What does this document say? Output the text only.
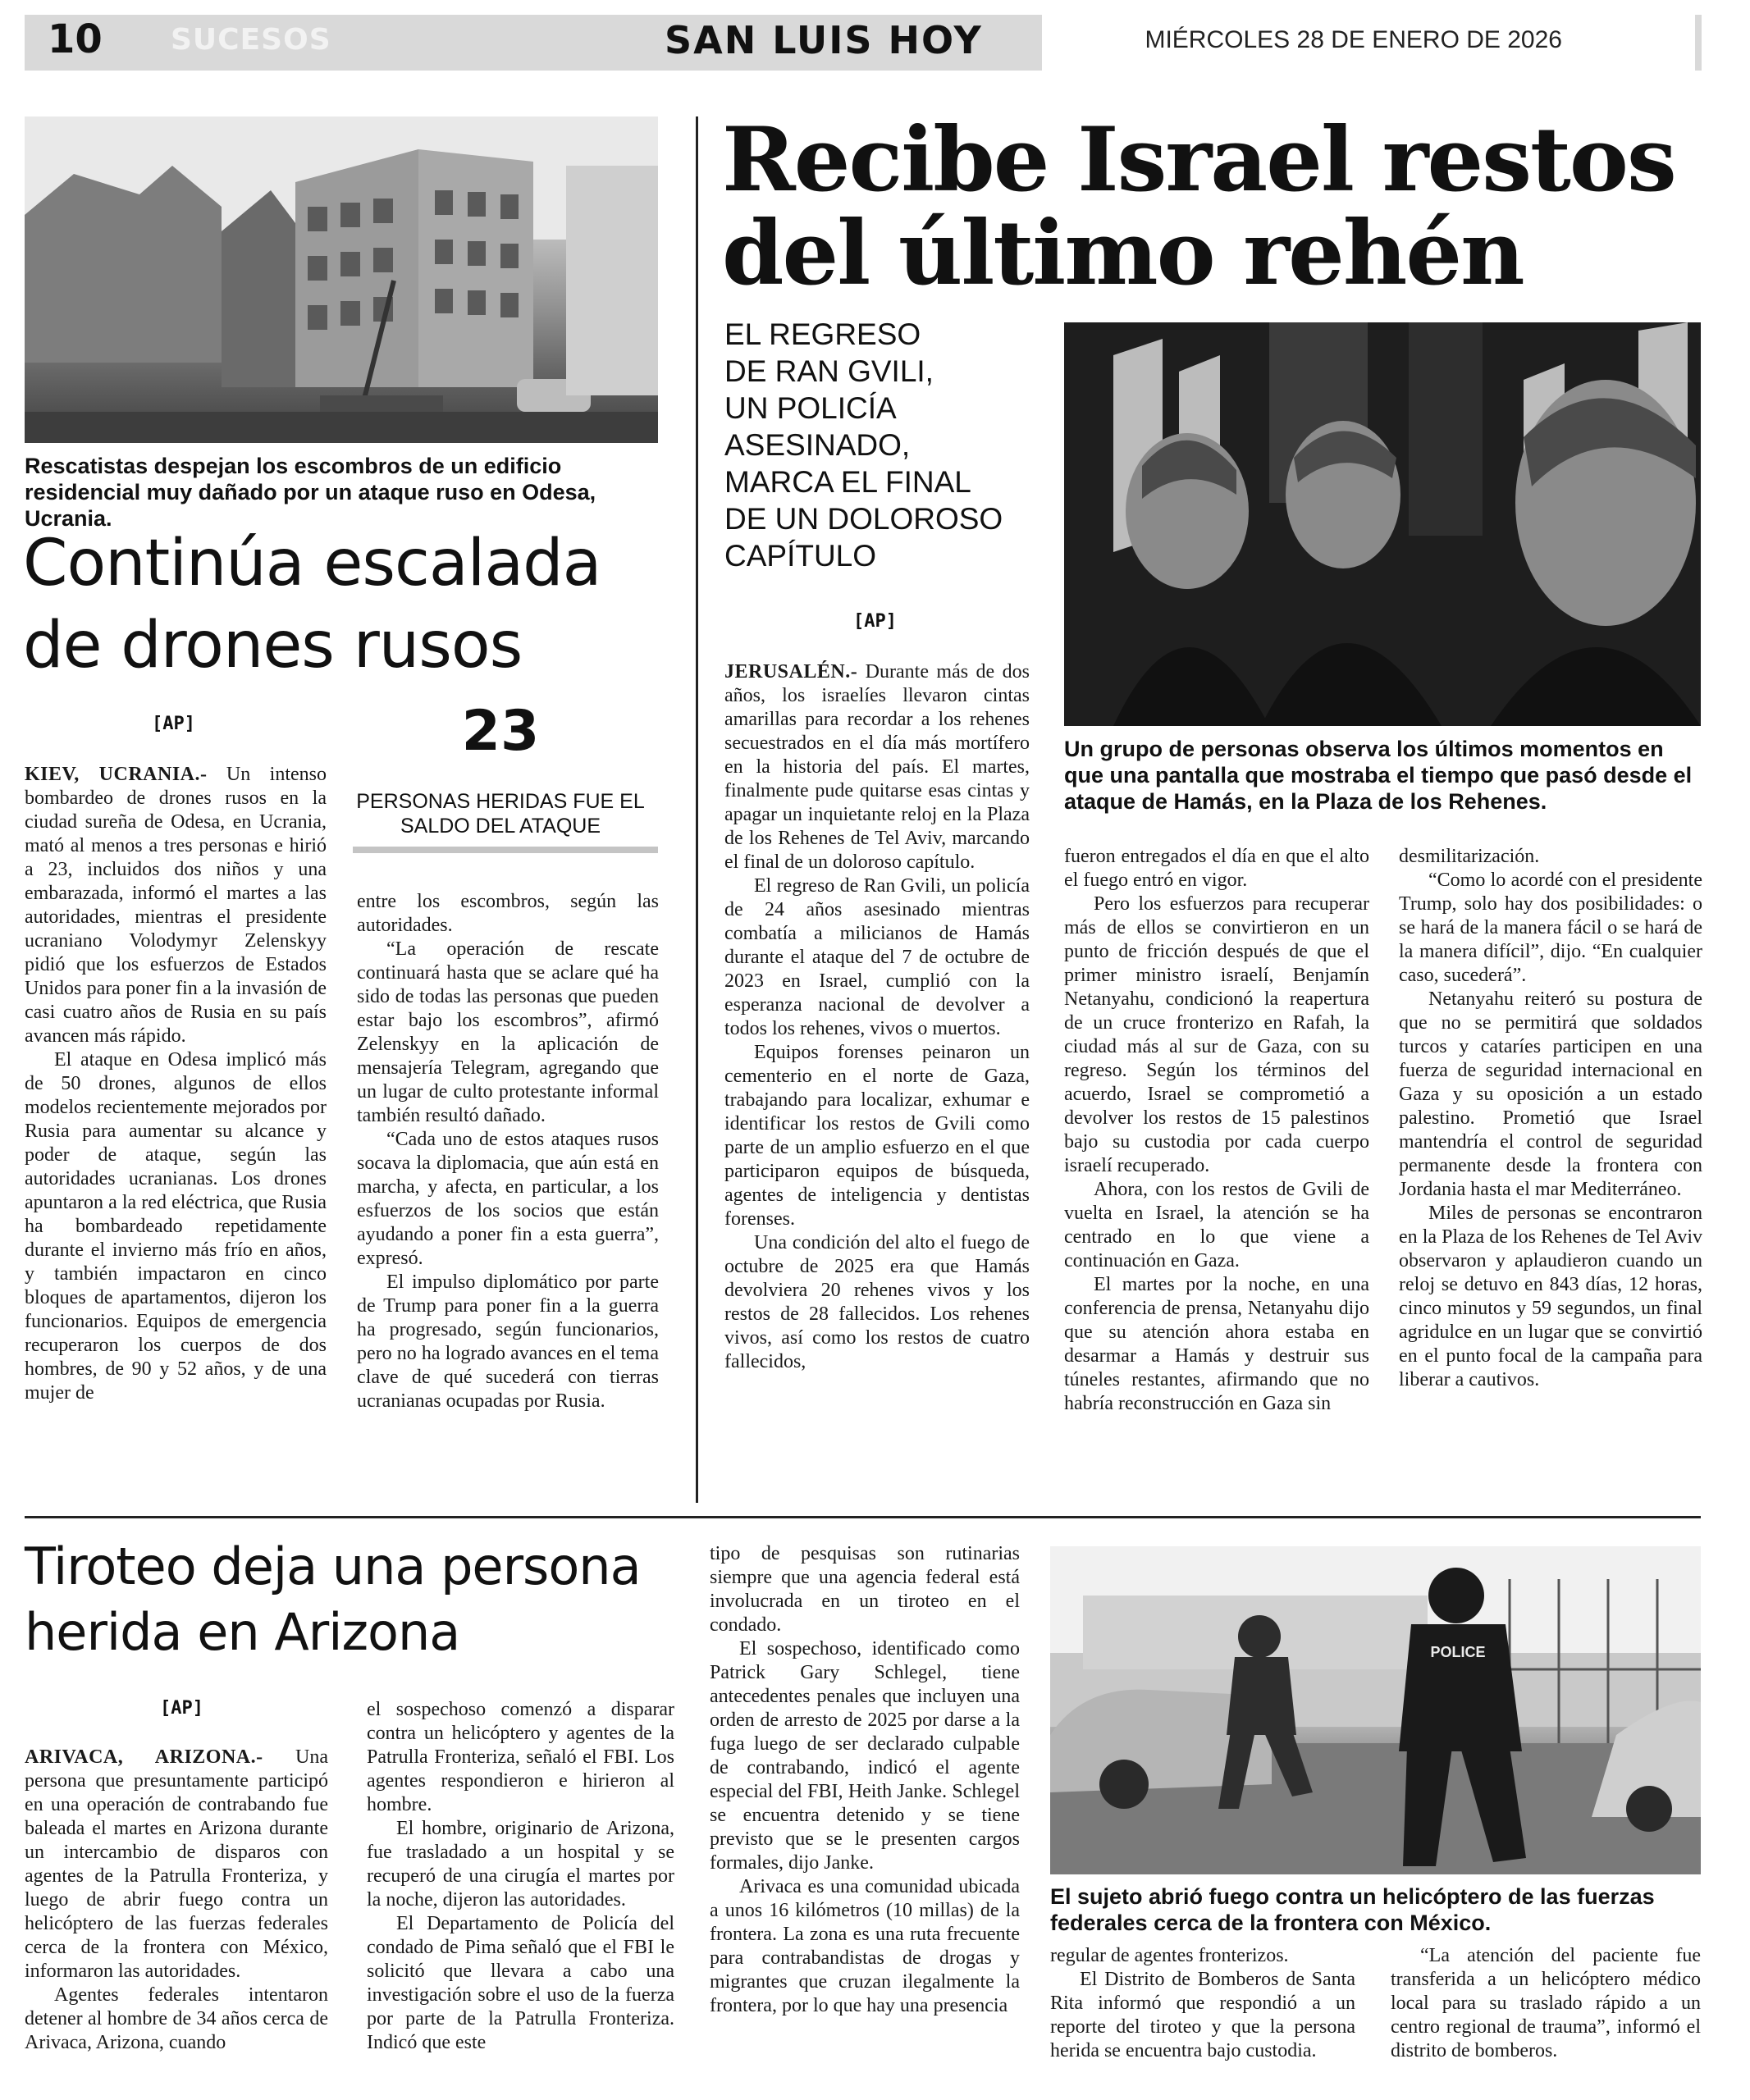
10 SUCESOS	SAN LUIS HOY	MIÉRCOLES 28 DE ENERO DE 2026
Rescatistas despejan los escombros de un edificio residencial muy dañado por un ataque ruso en Odesa, Ucrania.
Continúa escalada
de drones rusos
[AP]	23
PERSONAS HERIDAS FUE EL
SALDO DEL ATAQUE

KIEV, UCRANIA.- Un intenso bombardeo de drones rusos en la ciudad sureña de Odesa, en Ucrania, mató al menos a tres personas e hirió a 23, incluidos dos niños y una embarazada, informó el martes a las autoridades, mientras el presidente ucraniano Volodymyr Zelenskyy pidió que los esfuerzos de Estados Unidos para poner fin a la invasión de casi cuatro años de Rusia en su país avancen más rápido.

El ataque en Odesa implicó más de 50 drones, algunos de ellos modelos recientemente mejorados por Rusia para aumentar su alcance y poder de ataque, según las autoridades ucranianas. Los drones apuntaron a la red eléctrica, que Rusia ha bombardeado repetidamente durante el invierno más frío en años, y también impactaron en cinco bloques de apartamentos, dijeron los funcionarios. Equipos de emergencia recuperaron los cuerpos de dos hombres, de 90 y 52 años, y de una mujer de

entre los escombros, según las autoridades.

“La operación de rescate continuará hasta que se aclare qué ha sido de todas las personas que pueden estar bajo los escombros”, afirmó Zelenskyy en la aplicación de mensajería Telegram, agregando que un lugar de culto protestante informal también resultó dañado.

“Cada uno de estos ataques rusos socava la diplomacia, que aún está en marcha, y afecta, en particular, a los esfuerzos de los socios que están ayudando a poner fin a esta guerra”, expresó.

El impulso diplomático por parte de Trump para poner fin a la guerra ha progresado, según funcionarios, pero no ha logrado avances en el tema clave de qué sucederá con tierras ucranianas ocupadas por Rusia.

Recibe Israel restos
del último rehén
EL REGRESO
DE RAN GVILI,
UN POLICÍA
ASESINADO,
MARCA EL FINAL
DE UN DOLOROSO
CAPÍTULO
[AP]
Un grupo de personas observa los últimos momentos en que una pantalla que mostraba el tiempo que pasó desde el ataque de Hamás, en la Plaza de los Rehenes.

JERUSALÉN.- Durante más de dos años, los israelíes llevaron cintas amarillas para recordar a los rehenes secuestrados en el día más mortífero en la historia del país. El martes, finalmente pude quitarse esas cintas y apagar un inquietante reloj en la Plaza de los Rehenes de Tel Aviv, marcando el final de un doloroso capítulo.

El regreso de Ran Gvili, un policía de 24 años asesinado mientras combatía a milicianos de Hamás durante el ataque del 7 de octubre de 2023 en Israel, cumplió con la esperanza nacional de devolver a todos los rehenes, vivos o muertos.

Equipos forenses peinaron un cementerio en el norte de Gaza, trabajando para localizar, exhumar e identificar los restos de Gvili como parte de un amplio esfuerzo en el que participaron equipos de búsqueda, agentes de inteligencia y dentistas forenses.

Una condición del alto el fuego de octubre de 2025 era que Hamás devolviera 20 rehenes vivos y los restos de 28 fallecidos. Los rehenes vivos, así como los restos de cuatro fallecidos,

fueron entregados el día en que el alto el fuego entró en vigor.

Pero los esfuerzos para recuperar más de ellos se convirtieron en un punto de fricción después de que el primer ministro israelí, Benjamín Netanyahu, condicionó la reapertura de un cruce fronterizo en Rafah, la ciudad más al sur de Gaza, con su regreso. Según los términos del acuerdo, Israel se comprometió a devolver los restos de 15 palestinos bajo su custodia por cada cuerpo israelí recuperado.

Ahora, con los restos de Gvili de vuelta en Israel, la atención se ha centrado en lo que viene a continuación en Gaza.

El martes por la noche, en una conferencia de prensa, Netanyahu dijo que su atención ahora estaba en desarmar a Hamás y destruir sus túneles restantes, afirmando que no habría reconstrucción en Gaza sin

desmilitarización.

“Como lo acordé con el presidente Trump, solo hay dos posibilidades: o se hará de la manera fácil o se hará de la manera difícil”, dijo. “En cualquier caso, sucederá”.

Netanyahu reiteró su postura de que no se permitirá que soldados turcos y cataríes participen en una fuerza de seguridad internacional en Gaza y su oposición a un estado palestino. Prometió que Israel mantendría el control de seguridad permanente desde la frontera con Jordania hasta el mar Mediterráneo.

Miles de personas se encontraron en la Plaza de los Rehenes de Tel Aviv observaron y aplaudieron cuando un reloj se detuvo en 843 días, 12 horas, cinco minutos y 59 segundos, un final agridulce en un lugar que se convirtió en el punto focal de la campaña para liberar a cautivos.

Tiroteo deja una persona
herida en Arizona
[AP]

ARIVACA, ARIZONA.- Una persona que presuntamente participó en una operación de contrabando fue baleada el martes en Arizona durante un intercambio de disparos con agentes de la Patrulla Fronteriza, y luego de abrir fuego contra un helicóptero de las fuerzas federales cerca de la frontera con México, informaron las autoridades.

Agentes federales intentaron detener al hombre de 34 años cerca de Arivaca, Arizona, cuando

el sospechoso comenzó a disparar contra un helicóptero y agentes de la Patrulla Fronteriza, señaló el FBI. Los agentes respondieron e hirieron al hombre.

El hombre, originario de Arizona, fue trasladado a un hospital y se recuperó de una cirugía el martes por la noche, dijeron las autoridades.

El Departamento de Policía del condado de Pima señaló que el FBI le solicitó que llevara a cabo una investigación sobre el uso de la fuerza por parte de la Patrulla Fronteriza. Indicó que este

tipo de pesquisas son rutinarias siempre que una agencia federal está involucrada en un tiroteo en el condado.

El sospechoso, identificado como Patrick Gary Schlegel, tiene antecedentes penales que incluyen una orden de arresto de 2025 por darse a la fuga luego de ser declarado culpable de contrabando, indicó el agente especial del FBI, Heith Janke. Schlegel se encuentra detenido y se tiene previsto que se le presenten cargos formales, dijo Janke.

Arivaca es una comunidad ubicada a unos 16 kilómetros (10 millas) de la frontera. La zona es una ruta frecuente para contrabandistas de drogas y migrantes que cruzan ilegalmente la frontera, por lo que hay una presencia

POLICE
El sujeto abrió fuego contra un helicóptero de las fuerzas federales cerca de la frontera con México.

regular de agentes fronterizos.

El Distrito de Bomberos de Santa Rita informó que respondió a un reporte del tiroteo y que la persona herida se encuentra bajo custodia.

“La atención del paciente fue transferida a un helicóptero médico local para su traslado rápido a un centro regional de trauma”, informó el distrito de bomberos.
